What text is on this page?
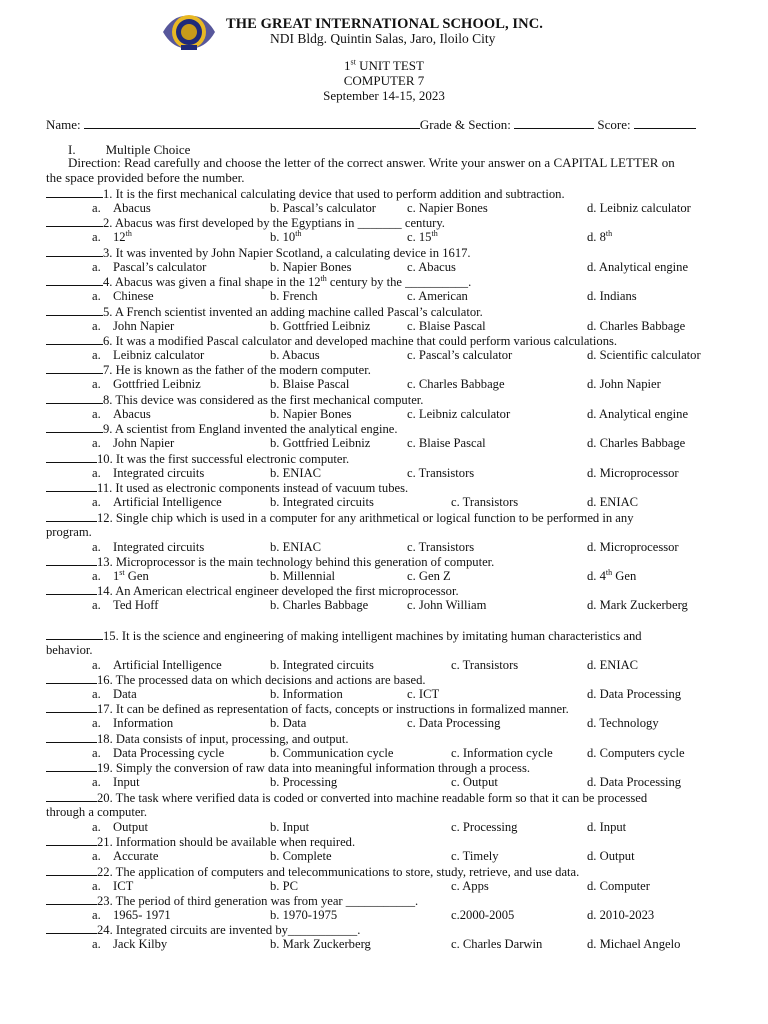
THE GREAT INTERNATIONAL SCHOOL, INC.
NDI Bldg. Quintin Salas, Jaro, Iloilo City
1st UNIT TEST
COMPUTER 7
September 14-15, 2023
Name:	Grade & Section:	Score:
I. Multiple Choice
Direction: Read carefully and choose the letter of the correct answer. Write your answer on a CAPITAL LETTER on
the space provided before the number.
1. It is the first mechanical calculating device that used to perform addition and subtraction.
a. Abacus	b. Pascal’s calculator c. Napier Bones	d. Leibniz calculator
2. Abacus was first developed by the Egyptians in _______ century.
a. 12th	b. 10th	c. 15th	d. 8th
3. It was invented by John Napier Scotland, a calculating device in 1617.
a. Pascal’s calculator	b. Napier Bones	c. Abacus	d. Analytical engine
4. Abacus was given a final shape in the 12th century by the __________.
a. Chinese	b. French	c. American	d. Indians
5. A French scientist invented an adding machine called Pascal’s calculator.
a. John Napier	b. Gottfried Leibniz	c. Blaise Pascal	d. Charles Babbage
6. It was a modified Pascal calculator and developed machine that could perform various calculations.
a. Leibniz calculator	b. Abacus	c. Pascal’s calculator	d. Scientific calculator
7. He is known as the father of the modern computer.
a. Gottfried Leibniz	b. Blaise Pascal	c. Charles Babbage	d. John Napier
8. This device was considered as the first mechanical computer.
a. Abacus	b. Napier Bones	c. Leibniz calculator	d. Analytical engine
9. A scientist from England invented the analytical engine.
a. John Napier	b. Gottfried Leibniz	c. Blaise Pascal	d. Charles Babbage
10. It was the first successful electronic computer.
a. Integrated circuits	b. ENIAC	c. Transistors	d. Microprocessor
11. It used as electronic components instead of vacuum tubes.
a. Artificial Intelligence	b. Integrated circuits	c. Transistors	d. ENIAC
12. Single chip which is used in a computer for any arithmetical or logical function to be performed in any
program.
a. Integrated circuits	b. ENIAC	c. Transistors	d. Microprocessor
13. Microprocessor is the main technology behind this generation of computer.
a. 1st Gen	b. Millennial	c. Gen Z	d. 4th Gen
14. An American electrical engineer developed the first microprocessor.
a. Ted Hoff	b. Charles Babbage	c. John William	d. Mark Zuckerberg
15. It is the science and engineering of making intelligent machines by imitating human characteristics and
behavior.
a. Artificial Intelligence	b. Integrated circuits	c. Transistors	d. ENIAC
16. The processed data on which decisions and actions are based.
a. Data	b. Information	c. ICT	d. Data Processing
17. It can be defined as representation of facts, concepts or instructions in formalized manner.
a. Information	b. Data	c. Data Processing	d. Technology
18. Data consists of input, processing, and output.
a. Data Processing cycle	b. Communication cycle	c. Information cycle	d. Computers cycle
19. Simply the conversion of raw data into meaningful information through a process.
a. Input	b. Processing	c. Output	d. Data Processing
20. The task where verified data is coded or converted into machine readable form so that it can be processed
through a computer.
a. Output	b. Input	c. Processing	d. Input
21. Information should be available when required.
a. Accurate	b. Complete	c. Timely	d. Output
22. The application of computers and telecommunications to store, study, retrieve, and use data.
a. ICT	b. PC	c. Apps	d. Computer
23. The period of third generation was from year ___________.
a. 1965- 1971	b. 1970-1975	c.2000-2005	d. 2010-2023
24. Integrated circuits are invented by___________.
a. Jack Kilby	b. Mark Zuckerberg	c. Charles Darwin	d. Michael Angelo
